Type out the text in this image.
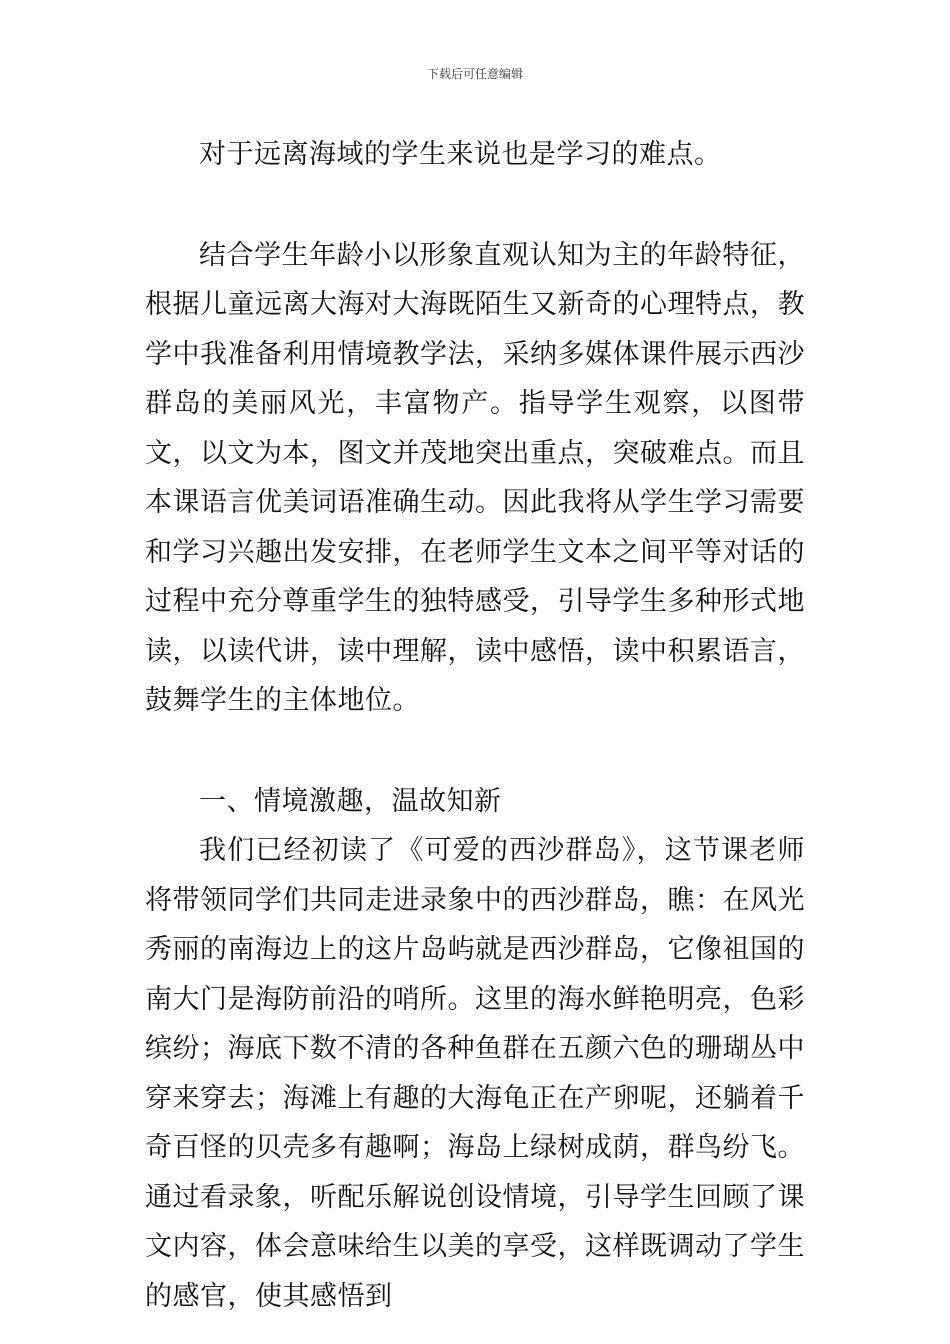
下载后可任意编辑

对于远离海域的学生来说也是学习的难点。

结合学生年龄小以形象直观认知为主的年龄特征，根据儿童远离大海对大海既陌生又新奇的心理特点，教学中我准备利用情境教学法，采纳多媒体课件展示西沙群岛的美丽风光，丰富物产。指导学生观察，以图带文，以文为本，图文并茂地突出重点，突破难点。而且本课语言优美词语准确生动。因此我将从学生学习需要和学习兴趣出发安排，在老师学生文本之间平等对话的过程中充分尊重学生的独特感受，引导学生多种形式地读，以读代讲，读中理解，读中感悟，读中积累语言，鼓舞学生的主体地位。

一、情境激趣，温故知新

我们已经初读了《可爱的西沙群岛》，这节课老师将带领同学们共同走进录象中的西沙群岛，瞧：在风光秀丽的南海边上的这片岛屿就是西沙群岛，它像祖国的南大门是海防前沿的哨所。这里的海水鲜艳明亮，色彩缤纷；海底下数不清的各种鱼群在五颜六色的珊瑚丛中穿来穿去；海滩上有趣的大海龟正在产卵呢，还躺着千奇百怪的贝壳多有趣啊；海岛上绿树成荫，群鸟纷飞。通过看录象，听配乐解说创设情境，引导学生回顾了课文内容，体会意味给生以美的享受，这样既调动了学生的感官，使其感悟到
